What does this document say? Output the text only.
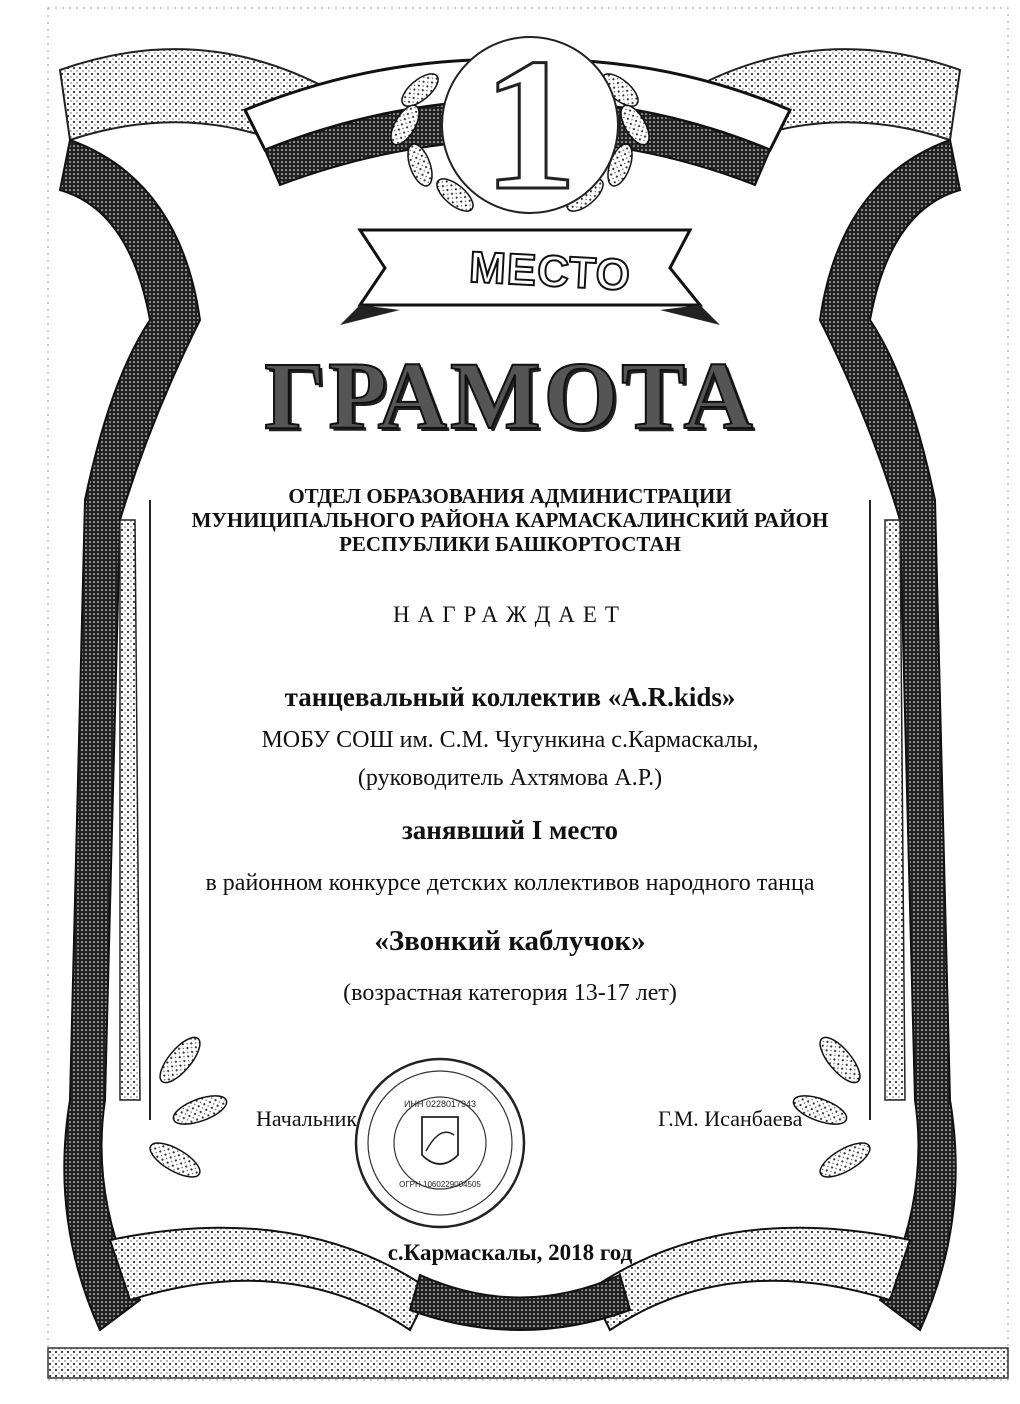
1
МЕСТО
ГРАМОТА
ОТДЕЛ ОБРАЗОВАНИЯ АДМИНИСТРАЦИИ
МУНИЦИПАЛЬНОГО РАЙОНА КАРМАСКАЛИНСКИЙ РАЙОН
РЕСПУБЛИКИ БАШКОРТОСТАН
НАГРАЖДАЕТ
танцевальный коллектив «A.R.kids»
МОБУ СОШ им. С.М. Чугункина с.Кармаскалы,
(руководитель Ахтямова А.Р.)
занявший I место
в районном конкурсе детских коллективов народного танца
«Звонкий каблучок»
(возрастная категория 13-17 лет)
Начальник	Г.М. Исанбаева
ИНН 0228017943
ОГРН 1060229004505
с.Кармаскалы, 2018 год
